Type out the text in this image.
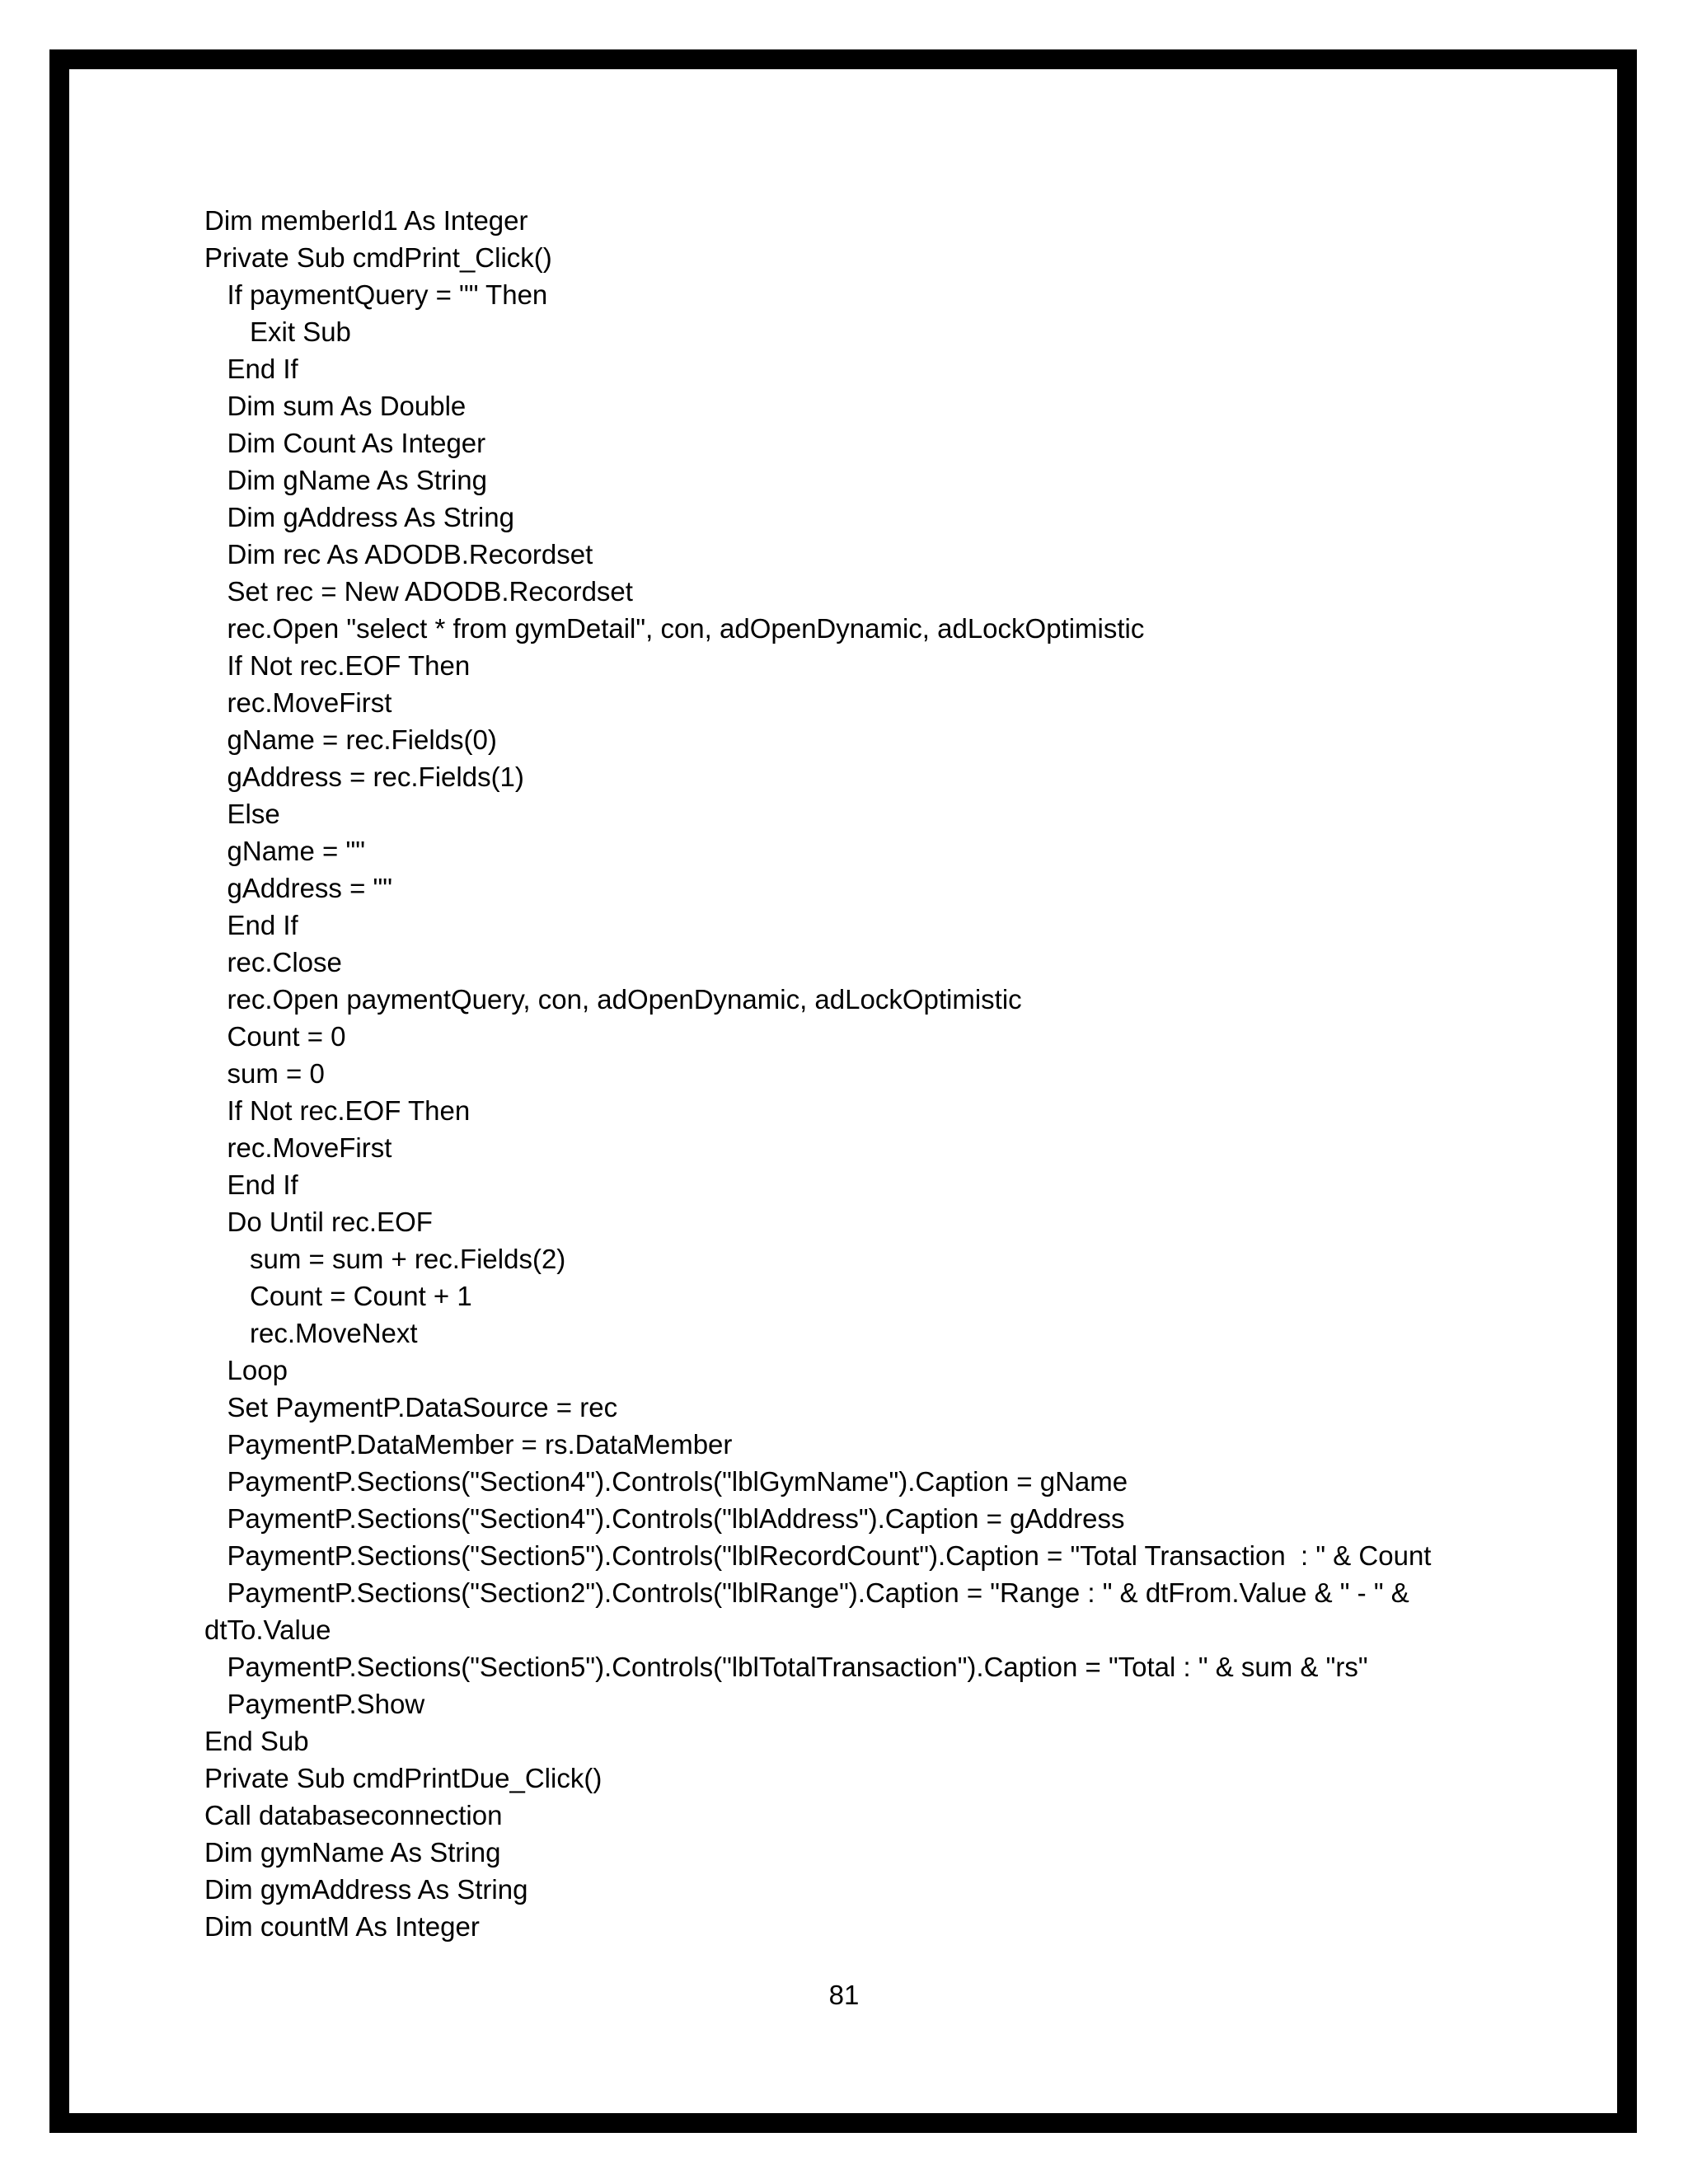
Dim memberId1 As Integer
Private Sub cmdPrint_Click()
If paymentQuery = "" Then
Exit Sub
End If
Dim sum As Double
Dim Count As Integer
Dim gName As String
Dim gAddress As String
Dim rec As ADODB.Recordset
Set rec = New ADODB.Recordset
rec.Open "select * from gymDetail", con, adOpenDynamic, adLockOptimistic
If Not rec.EOF Then
rec.MoveFirst
gName = rec.Fields(0)
gAddress = rec.Fields(1)
Else
gName = ""
gAddress = ""
End If
rec.Close
rec.Open paymentQuery, con, adOpenDynamic, adLockOptimistic
Count = 0
sum = 0
If Not rec.EOF Then
rec.MoveFirst
End If
Do Until rec.EOF
sum = sum + rec.Fields(2)
Count = Count + 1
rec.MoveNext
Loop
Set PaymentP.DataSource = rec
PaymentP.DataMember = rs.DataMember
PaymentP.Sections("Section4").Controls("lblGymName").Caption = gName
PaymentP.Sections("Section4").Controls("lblAddress").Caption = gAddress
PaymentP.Sections("Section5").Controls("lblRecordCount").Caption = "Total Transaction  : " & Count
PaymentP.Sections("Section2").Controls("lblRange").Caption = "Range : " & dtFrom.Value & " - " &
dtTo.Value
PaymentP.Sections("Section5").Controls("lblTotalTransaction").Caption = "Total : " & sum & "rs"
PaymentP.Show
End Sub
Private Sub cmdPrintDue_Click()
Call databaseconnection
Dim gymName As String
Dim gymAddress As String
Dim countM As Integer
81
